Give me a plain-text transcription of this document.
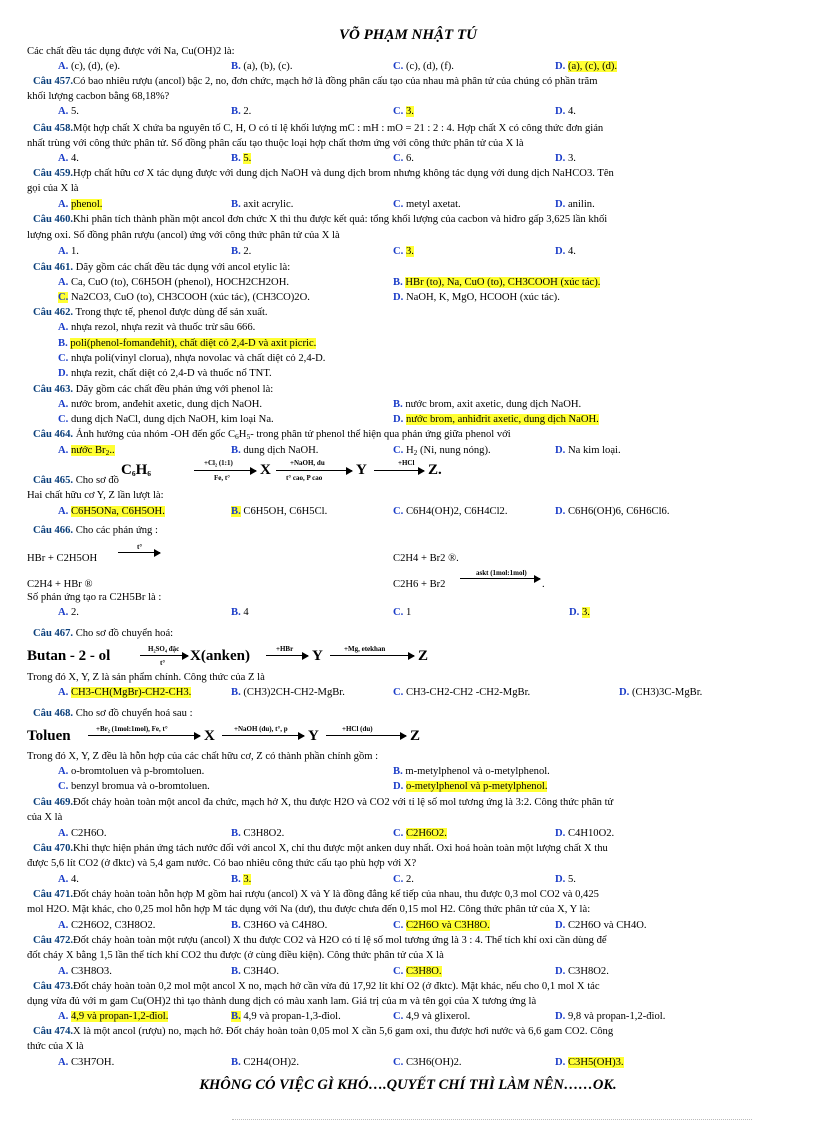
VÕ PHẠM NHẬT TÚ
Các chất đều tác dụng được với Na, Cu(OH)2 là:
A. (c), (d), (e).	B. (a), (b), (c).	C. (c), (d), (f).	D. (a), (c), (d).
Câu 457.Có bao nhiêu rượu (ancol) bậc 2, no, đơn chức, mạch hở là đồng phân cấu tạo của nhau mà phân tử của chúng có phần trăm
khối lượng cacbon bằng 68,18%?
A. 5.	B. 2.	C. 3.	D. 4.
Câu 458.Một hợp chất X chứa ba nguyên tố C, H, O có tỉ lệ khối lượng mC : mH : mO = 21 : 2 : 4. Hợp chất X có công thức đơn giản
nhất trùng với công thức phân tử. Số đồng phân cấu tạo thuộc loại hợp chất thơm ứng với công thức phân tử của X là
A. 4.	B. 5.	C. 6.	D. 3.
Câu 459.Hợp chất hữu cơ X tác dụng được với dung dịch NaOH và dung dịch brom nhưng không tác dụng với dung dịch NaHCO3. Tên
gọi của X là
A. phenol.	B. axit acrylic.	C. metyl axetat.	D. anilin.
Câu 460.Khi phân tích thành phần một ancol đơn chức X thì thu được kết quả: tổng khối lượng của cacbon và hiđro gấp 3,625 lần khối
lượng oxi. Số đồng phân rượu (ancol) ứng với công thức phân tử của X là
A. 1.	B. 2.	C. 3.	D. 4.
Câu 461. Dãy gồm các chất đều tác dụng với ancol etylic là:
A. Ca, CuO (to), C6H5OH (phenol), HOCH2CH2OH.	B. HBr (to), Na, CuO (to), CH3COOH (xúc tác).
C. Na2CO3, CuO (to), CH3COOH (xúc tác), (CH3CO)2O.	D. NaOH, K, MgO, HCOOH (xúc tác).
Câu 462. Trong thực tế, phenol được dùng để sản xuất.
A. nhựa rezol, nhựa rezit và thuốc trừ sâu 666.
B. poli(phenol-fomanđehit), chất diệt cỏ 2,4-D và axit picric.
C. nhựa poli(vinyl clorua), nhựa novolac và chất diệt cỏ 2,4-D.
D. nhựa rezit, chất diệt cỏ 2,4-D và thuốc nổ TNT.
Câu 463. Dãy gồm các chất đều phản ứng với phenol là:
A. nước brom, anđehit axetic, dung dịch NaOH.	B. nước brom, axit axetic, dung dịch NaOH.
C. dung dịch NaCl, dung dịch NaOH, kim loại Na.	D. nước brom, anhiđrit axetic, dung dịch NaOH.
Câu 464. Ảnh hưởng của nhóm -OH đến gốc $C_6H_5-$ trong phân tử phenol thể hiện qua phản ứng giữa phenol với
A. nước $Br_2$..	B. dung dịch NaOH.	C. $H_2$ (Ni, nung nóng).	D. Na kim loại.
Câu 465. Cho sơ đồ
$C_6H_6$
+Cl₂ (1:1)
Fe, t° X	+NaOH, du
t° cao, P cao Y	+HCl Z.
Hai chất hữu cơ Y, Z lần lượt là:
A. C6H5ONa, C6H5OH.	B. C6H5OH, C6H5Cl.	C. C6H4(OH)2, C6H4Cl2.	D. C6H6(OH)6, C6H6Cl6.
Câu 466. Cho các phản ứng :
HBr + C2H5OH
t°
C2H4 + Br2 ®.
C2H4 + HBr ®	C2H6 + Br2
askt (1mol:1mol)
.
Số phản ứng tạo ra C2H5Br là :
A. 2.	B. 4	C. 1	D. 3.
Câu 467. Cho sơ đồ chuyển hoá:
Butan - 2 - ol	H₂SO₄ đặc
t° X(anken)	+HBr Y	+Mg, etekhan Z
Trong đó X, Y, Z là sản phẩm chính. Công thức của Z là
A. CH3-CH(MgBr)-CH2-CH3.	B. (CH3)2CH-CH2-MgBr.	C. CH3-CH2-CH2 -CH2-MgBr.	D. (CH3)3C-MgBr.
Câu 468. Cho sơ đồ chuyển hoá sau :
Toluen	+Br₂ (1mol:1mol), Fe, t° X	+NaOH (du), t°, p Y	+HCl (du) Z
Trong đó X, Y, Z đều là hỗn hợp của các chất hữu cơ, Z có thành phần chính gồm :
A. o-bromtoluen và p-bromtoluen.	B. m-metylphenol và o-metylphenol.
C. benzyl bromua và o-bromtoluen.	D. o-metylphenol và p-metylphenol.
Câu 469.Đốt cháy hoàn toàn một ancol đa chức, mạch hở X, thu được H2O và CO2 với tỉ lệ số mol tương ứng là 3:2. Công thức phân tử
của X là
A. C2H6O.	B. C3H8O2.	C. C2H6O2.	D. C4H10O2.
Câu 470.Khi thực hiện phản ứng tách nước đối với ancol X, chỉ thu được một anken duy nhất. Oxi hoá hoàn toàn một lượng chất X thu
được 5,6 lít CO2 (ở đktc) và 5,4 gam nước. Có bao nhiêu công thức cấu tạo phù hợp với X?
A. 4.	B. 3.	C. 2.	D. 5.
Câu 471.Đốt cháy hoàn toàn hỗn hợp M gồm hai rượu (ancol) X và Y là đồng đẳng kế tiếp của nhau, thu được 0,3 mol CO2 và 0,425
mol H2O. Mặt khác, cho 0,25 mol hỗn hợp M tác dụng với Na (dư), thu được chưa đến 0,15 mol H2. Công thức phân tử của X, Y là:
A. C2H6O2, C3H8O2.	B. C3H6O và C4H8O.	C. C2H6O và C3H8O.	D. C2H6O và CH4O.
Câu 472.Đốt cháy hoàn toàn một rượu (ancol) X thu được CO2 và H2O có tỉ lệ số mol tương ứng là 3 : 4. Thể tích khí oxi cần dùng để
đốt cháy X bằng 1,5 lần thể tích khí CO2 thu được (ở cùng điều kiện). Công thức phân tử của X là
A. C3H8O3.	B. C3H4O.	C. C3H8O.	D. C3H8O2.
Câu 473.Đốt cháy hoàn toàn 0,2 mol một ancol X no, mạch hở cần vừa đủ 17,92 lít khí O2 (ở đktc). Mặt khác, nếu cho 0,1 mol X tác
dụng vừa đủ với m gam Cu(OH)2 thì tạo thành dung dịch có màu xanh lam. Giá trị của m và tên gọi của X tương ứng là
A. 4,9 và propan-1,2-điol.	B. 4,9 và propan-1,3-điol.	C. 4,9 và glixerol.	D. 9,8 và propan-1,2-điol.
Câu 474.X là một ancol (rượu) no, mạch hở. Đốt cháy hoàn toàn 0,05 mol X cần 5,6 gam oxi, thu được hơi nước và 6,6 gam CO2. Công
thức của X là
A. C3H7OH.	B. C2H4(OH)2.	C. C3H6(OH)2.	D. C3H5(OH)3.
KHÔNG CÓ VIỆC GÌ KHÓ….QUYẾT CHÍ THÌ LÀM NÊN……OK.
